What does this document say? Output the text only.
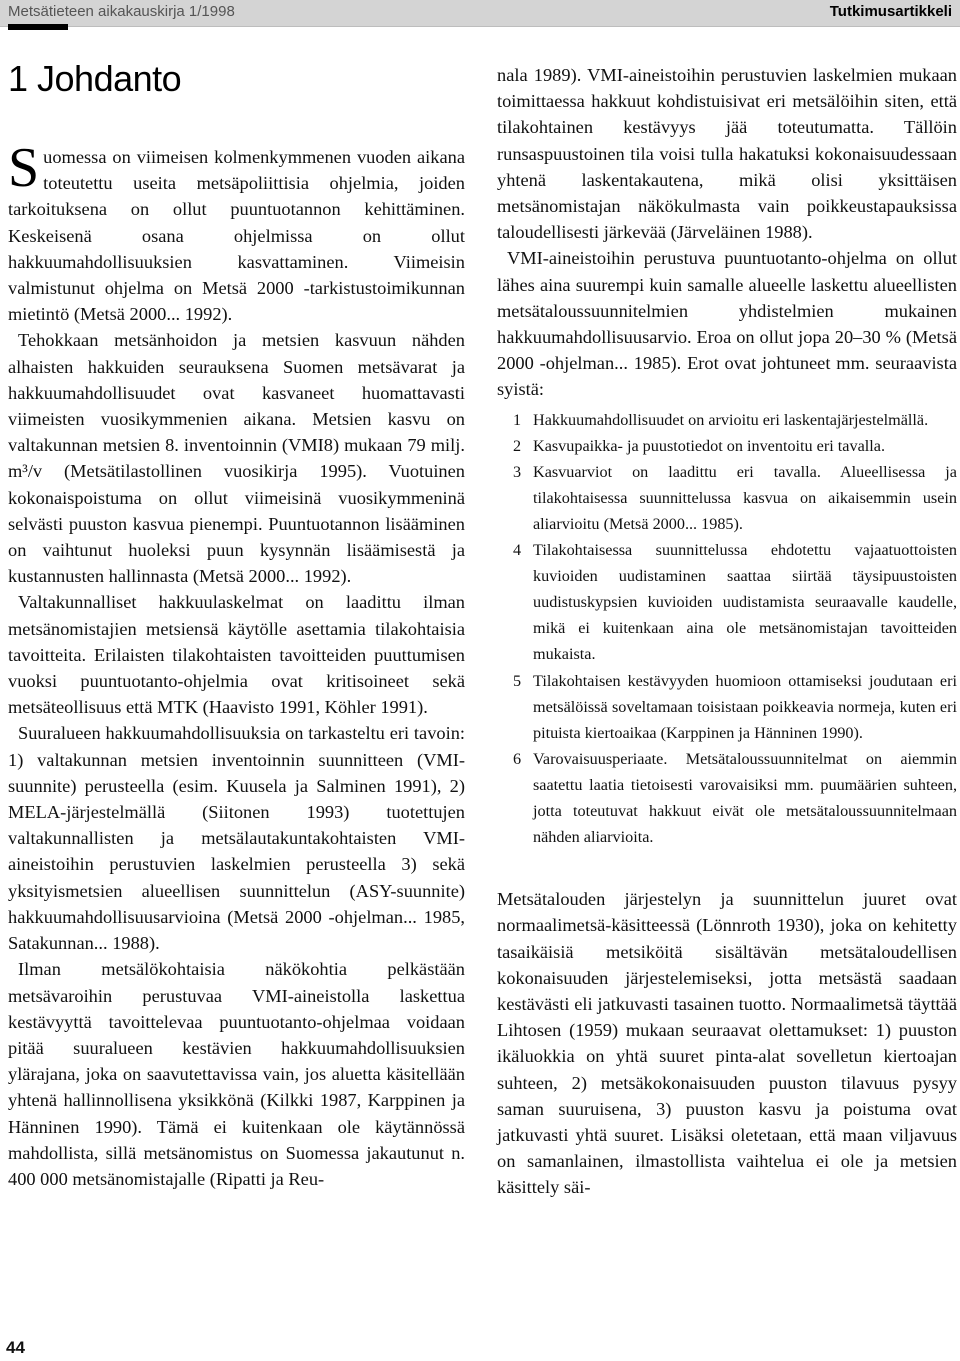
Metsätieteen aikakauskirja 1/1998	Tutkimusartikkeli
1 Johdanto

Suomessa on viimeisen kolmenkymmenen vuoden aikana toteutettu useita metsäpoliittisia ohjelmia, joiden tarkoituksena on ollut puuntuotannon kehittäminen. Keskeisenä osana ohjelmissa on ollut hakkuumahdollisuuksien kasvattaminen. Viimeisin valmistunut ohjelma on Metsä 2000 -tarkistustoimikunnan mietintö (Metsä 2000... 1992).

Tehokkaan metsänhoidon ja metsien kasvuun nähden alhaisten hakkuiden seurauksena Suomen metsävarat ja hakkuumahdollisuudet ovat kasvaneet huomattavasti viimeisten vuosikymmenien aikana. Metsien kasvu on valtakunnan metsien 8. inventoinnin (VMI8) mukaan 79 milj. m³/v (Metsätilastollinen vuosikirja 1995). Vuotuinen kokonaispoistuma on ollut viimeisinä vuosikymmeninä selvästi puuston kasvua pienempi. Puuntuotannon lisääminen on vaihtunut huoleksi puun kysynnän lisäämisestä ja kustannusten hallinnasta (Metsä 2000... 1992).

Valtakunnalliset hakkuulaskelmat on laadittu ilman metsänomistajien metsiensä käytölle asettamia tilakohtaisia tavoitteita. Erilaisten tilakohtaisten tavoitteiden puuttumisen vuoksi puuntuotanto-ohjelmia ovat kritisoineet sekä metsäteollisuus että MTK (Haavisto 1991, Köhler 1991).

Suuralueen hakkuumahdollisuuksia on tarkasteltu eri tavoin: 1) valtakunnan metsien inventoinnin suunnitteen (VMI-suunnite) perusteella (esim. Kuusela ja Salminen 1991), 2) MELA-järjestelmällä (Siitonen 1993) tuotettujen valtakunnallisten ja metsälautakuntakohtaisten VMI-aineistoihin perustuvien laskelmien perusteella 3) sekä yksityismetsien alueellisen suunnittelun (ASY-suunnite) hakkuumahdollisuusarvioina (Metsä 2000 -ohjelman... 1985, Satakunnan... 1988).

Ilman metsälökohtaisia näkökohtia pelkästään metsävaroihin perustuvaa VMI-aineistolla laskettua kestävyyttä tavoittelevaa puuntuotanto-ohjelmaa voidaan pitää suuralueen kestävien hakkuumahdollisuuksien ylärajana, joka on saavutettavissa vain, jos aluetta käsitellään yhtenä hallinnollisena yksikkönä (Kilkki 1987, Karppinen ja Hänninen 1990). Tämä ei kuitenkaan ole käytännössä mahdollista, sillä metsänomistus on Suomessa jakautunut n. 400 000 metsänomistajalle (Ripatti ja Reu-

nala 1989). VMI-aineistoihin perustuvien laskelmien mukaan toimittaessa hakkuut kohdistuisivat eri metsälöihin siten, että tilakohtainen kestävyys jää toteutumatta. Tällöin runsaspuustoinen tila voisi tulla hakatuksi kokonaisuudessaan yhtenä laskentakautena, mikä olisi yksittäisen metsänomistajan näkökulmasta vain poikkeustapauksissa taloudellisesti järkevää (Järveläinen 1988).

VMI-aineistoihin perustuva puuntuotanto-ohjelma on ollut lähes aina suurempi kuin samalle alueelle laskettu alueellisten metsätaloussuunnitelmien yhdistelmien mukainen hakkuumahdollisuusarvio. Eroa on ollut jopa 20–30 % (Metsä 2000 -ohjelman... 1985). Erot ovat johtuneet mm. seuraavista syistä:

1 Hakkuumahdollisuudet on arvioitu eri laskentajärjestelmällä.
2 Kasvupaikka- ja puustotiedot on inventoitu eri tavalla.
3 Kasvuarviot on laadittu eri tavalla. Alueellisessa ja tilakohtaisessa suunnittelussa kasvua on aikaisemmin usein aliarvioitu (Metsä 2000... 1985).
4 Tilakohtaisessa suunnittelussa ehdotettu vajaatuottoisten kuvioiden uudistaminen saattaa siirtää täysipuustoisten uudistuskypsien kuvioiden uudistamista seuraavalle kaudelle, mikä ei kuitenkaan aina ole metsänomistajan tavoitteiden mukaista.
5 Tilakohtaisen kestävyyden huomioon ottamiseksi joudutaan eri metsälöissä soveltamaan toisistaan poikkeavia normeja, kuten eri pituista kiertoaikaa (Karppinen ja Hänninen 1990).
6 Varovaisuusperiaate. Metsätaloussuunnitelmat on aiemmin saatettu laatia tietoisesti varovaisiksi mm. puumäärien suhteen, jotta toteutuvat hakkuut eivät ole metsätaloussuunnitelmaan nähden aliarvioita.

Metsätalouden järjestelyn ja suunnittelun juuret ovat normaalimetsä-käsitteessä (Lönnroth 1930), joka on kehitetty tasaikäisiä metsiköitä sisältävän metsätaloudellisen kokonaisuuden järjestelemiseksi, jotta metsästä saadaan kestävästi eli jatkuvasti tasainen tuotto. Normaalimetsä täyttää Lihtosen (1959) mukaan seuraavat olettamukset: 1) puuston ikäluokkia on yhtä suuret pinta-alat sovelletun kiertoajan suhteen, 2) metsäkokonaisuuden puuston tilavuus pysyy saman suuruisena, 3) puuston kasvu ja poistuma ovat jatkuvasti yhtä suuret. Lisäksi oletetaan, että maan viljavuus on samanlainen, ilmastollista vaihtelua ei ole ja metsien käsittely säi-

44
